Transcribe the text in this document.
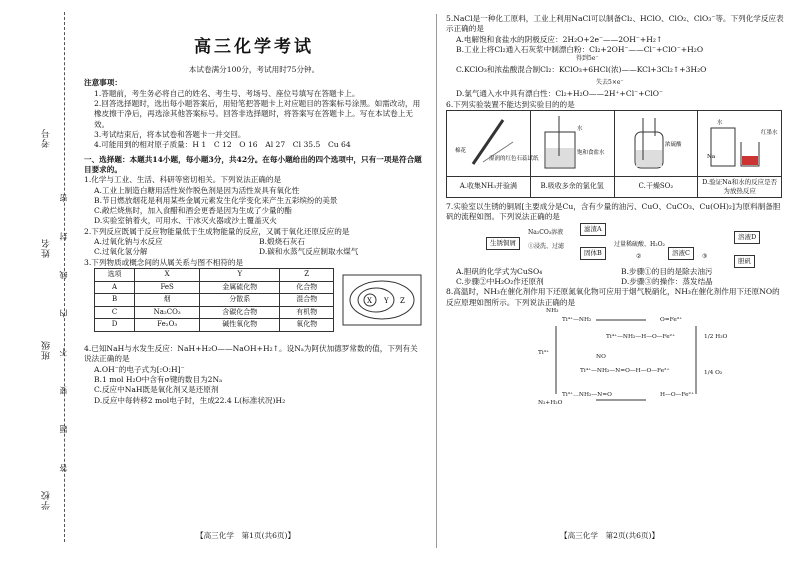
考号
姓名
班级
学校
答 题 要 不 内 线 封 密
高三化学考试

本试卷满分100分，考试用时75分钟。

注意事项：

1.答题前，考生务必将自己的姓名、考生号、考场号、座位号填写在答题卡上。

2.回答选择题时，选出每小题答案后，用铅笔把答题卡上对应题目的答案标号涂黑。如需改动，用橡皮擦干净后，再选涂其他答案标号。回答非选择题时，将答案写在答题卡上。写在本试卷上无效。

3.考试结束后，将本试卷和答题卡一并交回。

4.可能用到的相对原子质量：H 1　C 12　O 16　Al 27　Cl 35.5　Cu 64

一、选择题：本题共14小题，每小题3分，共42分。在每小题给出的四个选项中，只有一项是符合题目要求的。

1.化学与工业、生活、科研等密切相关。下列说法正确的是

A.工业上制造白糖用活性炭作脱色剂是因为活性炭具有氧化性

B.节日燃放烟花是利用某些金属元素发生化学变化来产生五彩缤纷的美景

C.敞烂烧焦时，加入食醋和酒会更香是因为生成了少量的酯

D.实验室钠着火，可用水、干冰灭火器或沙土覆盖灭火

2.下列反应既属于反应物能量低于生成物能量的反应，又属于氧化还原反应的是

A.过氧化钠与水反应	B.煅烧石灰石
C.过氧化氢分解	D.碳和水蒸气反应制取水煤气

3.下列物质或概念间的从属关系与图不相符的是

选项	X	Y	Z
A	FeS	金属硫化物	化合物
B	烟	分散系	混合物
C	Na₂CO₃	含碳化合物	有机物
D	Fe₂O₃	碱性氧化物	氧化物
X Y Z

4.已知NaH与水发生反应：NaH+H₂O——NaOH+H₂↑。设Nₐ为阿伏加德罗常数的值，下列有关说法正确的是

A.OH⁻的电子式为[:O:H]⁻

B.1 mol H₂O中含有σ键的数目为2Nₐ

C.反应中NaH既是氧化剂又是还原剂

D.反应中每转移2 mol电子时，生成22.4 L(标准状况)H₂

【高三化学　第1页(共6页)】

5.NaCl是一种化工原料，工业上利用NaCl可以制备Cl₂、HClO、ClO₂、ClO₃⁻等。下列化学反应表示正确的是

A.电解饱和食盐水的阴极反应：2H₂O+2e⁻——2OH⁻+H₂↑

B.工业上将Cl₂通入石灰浆中制漂白粉：Cl₂+2OH⁻——Cl⁻+ClO⁻+H₂O

得到5e⁻

C.KClO₃和浓盐酸混合制Cl₂：KClO₃+6HCl(浓)——KCl+3Cl₂↑+3H₂O

失去5×e⁻

D.氯气通入水中具有漂白性：Cl₂+H₂O——2H⁺+Cl⁻+ClO⁻

6.下列实验装置不能达到实验目的的是

棉花
湿润的红色石蕊试纸	水
饱和食盐水	浓硫酸	水
红墨水
Na

A.收集NH₃并验满	B.吸收多余的氯化氢	C.干燥SO₂	D.验证Na和水的反应是否为放热反应

7.实验室以生锈的铜屑[主要成分是Cu，含有少量的油污、CuO、CuCO₃、Cu(OH)₂]为原料制备胆矾的流程如图。下列说法正确的是

生锈铜屑
Na₂CO₃溶液
①浸洗、过滤
滤渣A
固体B
过量稀硫酸、H₂O₂
②	溶液C	③
溶液D
胆矾
A.胆矾的化学式为CuSO₄	B.步骤①的目的是除去油污
C.步骤②中H₂O₂作还原剂	D.步骤③的操作：蒸发结晶

8.高温时，NH₃在催化剂作用下还原氮氧化物可应用于烟气脱硝化，NH₃在催化剂作用下还原NO的反应原理如图所示。下列说法正确的是

NH₃
Ti⁴⁺—NH₂	O=Fe³⁺
Ti⁴⁺—NH₂—H—O—Fe²⁺
Ti³⁺
NO
Ti⁴⁺—NH₂—N=O—H—O—Fe²⁺
Ti³⁺…NH₂—N=O	H—O—Fe²⁺
N₂+H₂O
1/2 H₂O
1/4 O₂
【高三化学　第2页(共6页)】
